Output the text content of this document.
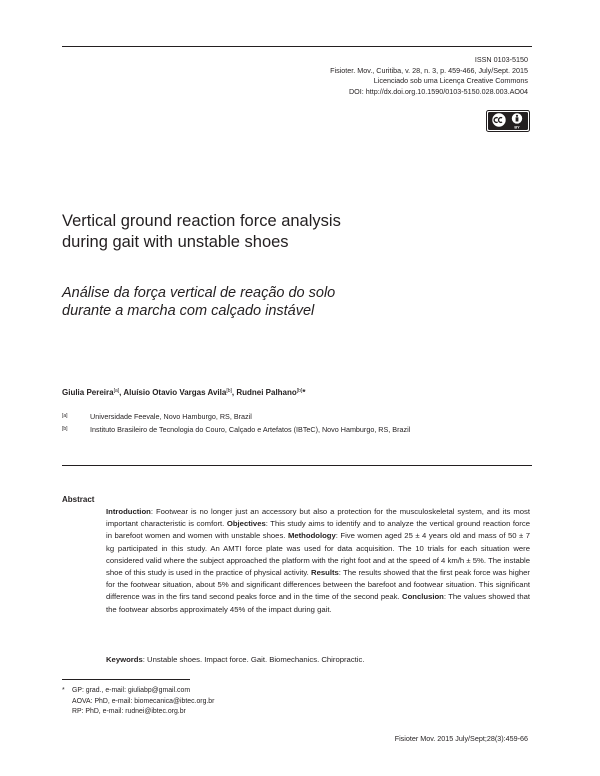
ISSN 0103-5150
Fisioter. Mov., Curitiba, v. 28, n. 3, p. 459-466, July/Sept. 2015
Licenciado sob uma Licença Creative Commons
DOI: http://dx.doi.org.10.1590/0103-5150.028.003.AO04
BY
Vertical ground reaction force analysis
during gait with unstable shoes
Análise da força vertical de reação do solo
durante a marcha com calçado instável
Giulia Pereira[a], Aluísio Otavio Vargas Avila[b], Rudnei Palhano[b]*
[a]	Universidade Feevale, Novo Hamburgo, RS, Brazil
[b]	Instituto Brasileiro de Tecnologia do Couro, Calçado e Artefatos (IBTeC), Novo Hamburgo, RS, Brazil
Abstract
Introduction: Footwear is no longer just an accessory but also a protection for the musculoskeletal system, and its most important characteristic is comfort. Objectives: This study aims to identify and to analyze the vertical ground reaction force in barefoot women and women with unstable shoes. Methodology: Five women aged 25 ± 4 years old and mass of 50 ± 7 kg participated in this study. An AMTI force plate was used for data acquisition. The 10 trials for each situation were considered valid where the subject approached the platform with the right foot and at the speed of 4 km/h ± 5%. The instable shoe of this study is used in the practice of physical activity. Results: The results showed that the first peak force was higher for the footwear situation, about 5% and significant differences between the barefoot and footwear situation. This significant difference was in the firs tand second peaks force and in the time of the second peak. Conclusion: The values showed that the footwear absorbs approximately 45% of the impact during gait.
Keywords: Unstable shoes. Impact force. Gait. Biomechanics. Chiropractic.
* GP: grad., e-mail: giuliabp@gmail.com
AOVA: PhD, e-mail: biomecanica@ibtec.org.br
RP: PhD, e-mail: rudnei@ibtec.org.br
Fisioter Mov. 2015 July/Sept;28(3):459-66
